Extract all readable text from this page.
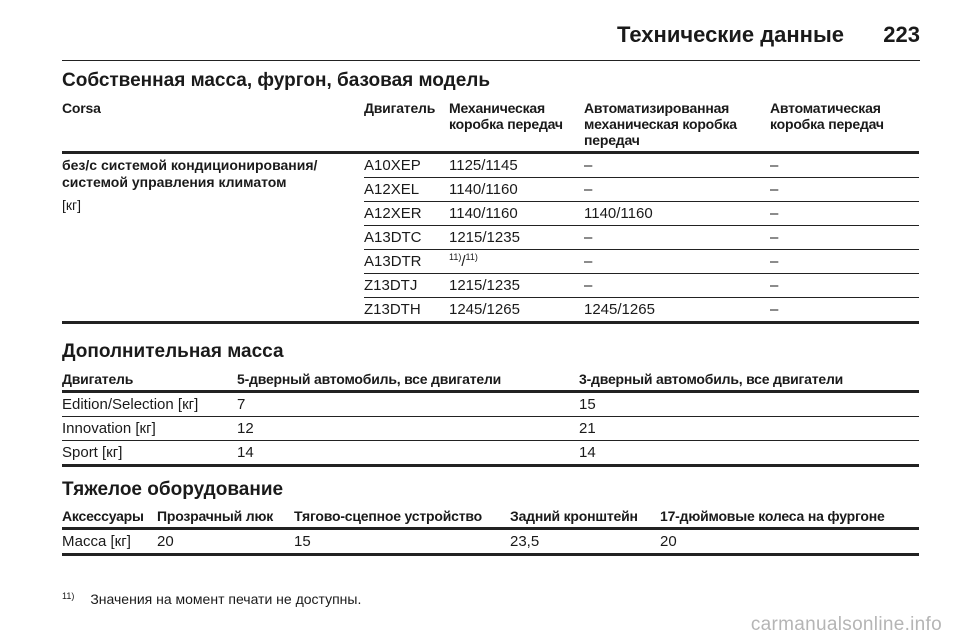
Технические данные 223
Собственная масса, фургон, базовая модель
Corsa	Двигатель	Механическая коробка передач	Автоматизированная механическая коробка передач	Автоматическая коробка передач
без/с системой кондиционирования/ системой управления климатом
[кг]	A10XEP	1125/1145	–	–
	A12XEL	1140/1160	–	–
	A12XER	1140/1160	1140/1160	–
	A13DTC	1215/1235	–	–
	A13DTR	$^{11)}$/$^{11)}$	–	–
	Z13DTJ	1215/1235	–	–
	Z13DTH	1245/1265	1245/1265	–
Дополнительная масса
Двигатель	5-дверный автомобиль, все двигатели	3-дверный автомобиль, все двигатели
Edition/Selection [кг]	7	15
Innovation [кг]	12	21
Sport [кг]	14	14
Тяжелое оборудование
Аксессуары	Прозрачный люк	Тягово-сцепное устройство	Задний кронштейн	17-дюймовые колеса на фургоне
Масса [кг]	20	15	23,5	20
$^{11)}$ Значения на момент печати не доступны.
carmanualsonline.info
